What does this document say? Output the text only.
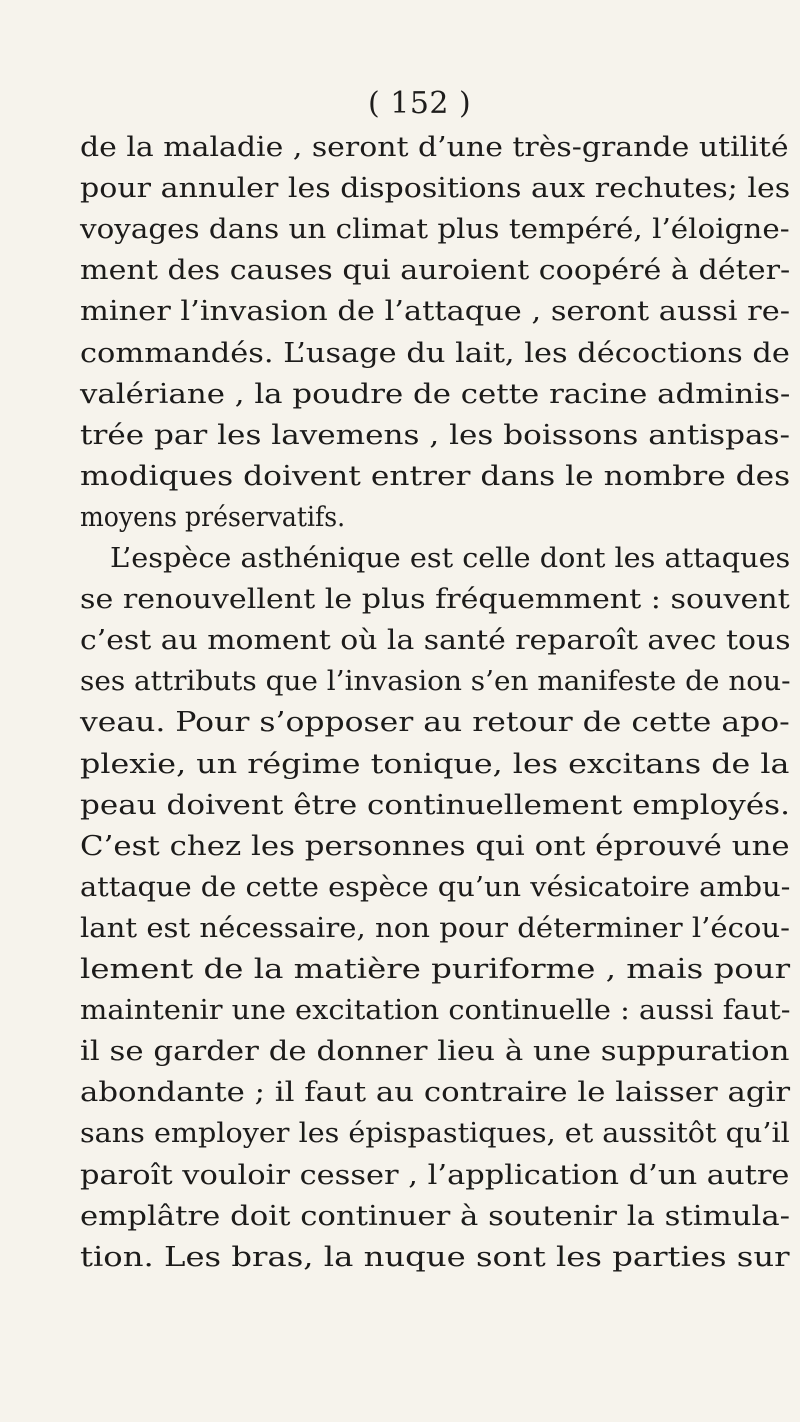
( 152 )
de la maladie , seront d’une très-grande utilité
pour annuler les dispositions aux rechutes; les
voyages dans un climat plus tempéré, l’éloigne-
ment des causes qui auroient coopéré à déter-
miner l’invasion de l’attaque , seront aussi re-
commandés. L’usage du lait, les décoctions de
valériane , la poudre de cette racine adminis-
trée par les lavemens , les boissons antispas-
modiques doivent entrer dans le nombre des
moyens préservatifs.
L’espèce asthénique est celle dont les attaques
se renouvellent le plus fréquemment : souvent
c’est au moment où la santé reparoît avec tous
ses attributs que l’invasion s’en manifeste de nou-
veau. Pour s’opposer au retour de cette apo-
plexie, un régime tonique, les excitans de la
peau doivent être continuellement employés.
C’est chez les personnes qui ont éprouvé une
attaque de cette espèce qu’un vésicatoire ambu-
lant est nécessaire, non pour déterminer l’écou-
lement de la matière puriforme , mais pour
maintenir une excitation continuelle : aussi faut-
il se garder de donner lieu à une suppuration
abondante ; il faut au contraire le laisser agir
sans employer les épispastiques, et aussitôt qu’il
paroît vouloir cesser , l’application d’un autre
emplâtre doit continuer à soutenir la stimula-
tion. Les bras, la nuque sont les parties sur
